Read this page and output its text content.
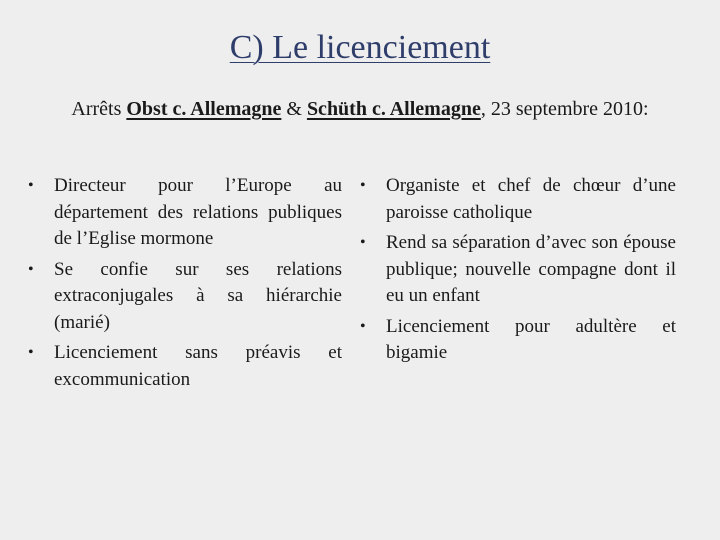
C) Le licenciement
Arrêts Obst c. Allemagne & Schüth c. Allemagne, 23 septembre 2010:
•	Directeur pour l’Europe au département des relations publiques de l’Eglise mormone
•	Se confie sur ses relations extraconjugales à sa hiérarchie (marié)
•	Licenciement sans préavis et excommunication
•	Organiste et chef de chœur d’une paroisse catholique
•	Rend sa séparation d’avec son épouse publique; nouvelle compagne dont il eu un enfant
•	Licenciement pour adultère et bigamie
